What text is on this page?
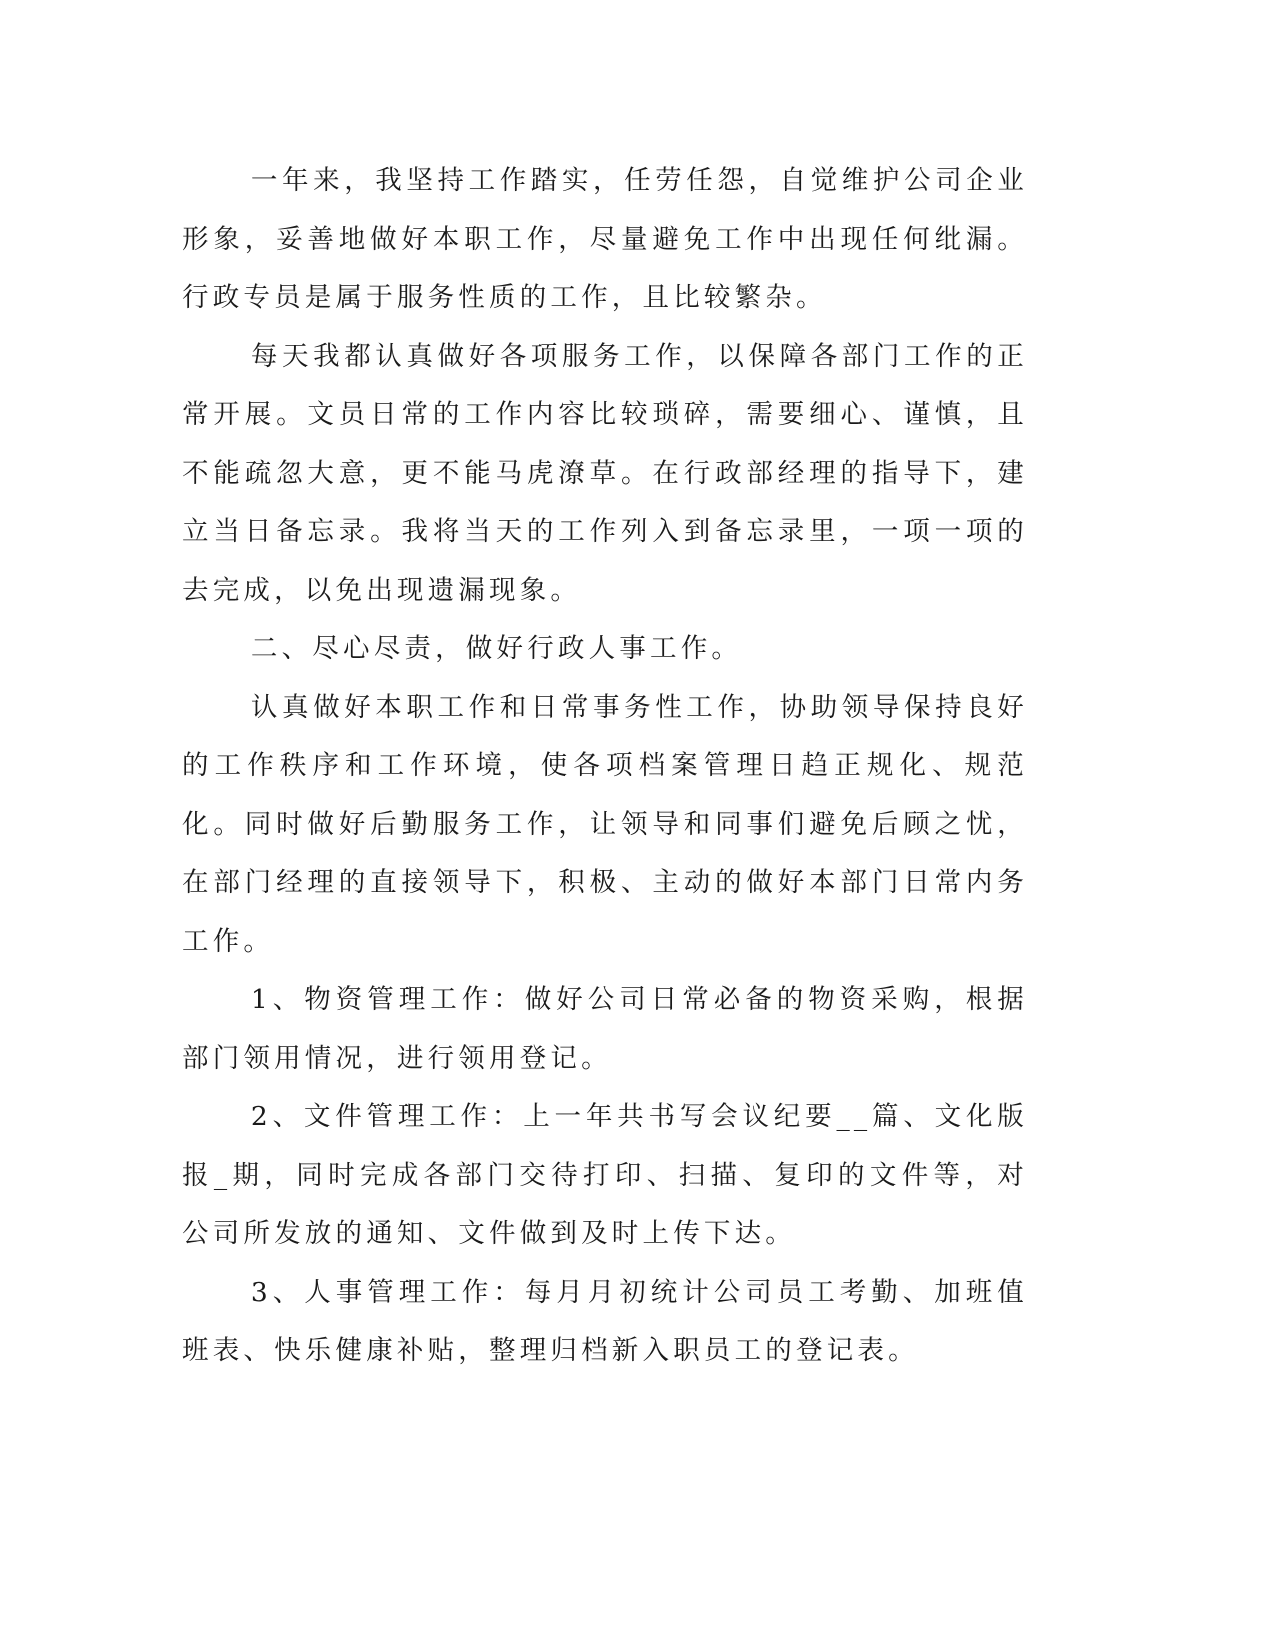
一年来，我坚持工作踏实，任劳任怨，自觉维护公司企业形象，妥善地做好本职工作，尽量避免工作中出现任何纰漏。行政专员是属于服务性质的工作，且比较繁杂。

每天我都认真做好各项服务工作，以保障各部门工作的正常开展。文员日常的工作内容比较琐碎，需要细心、谨慎，且不能疏忽大意，更不能马虎潦草。在行政部经理的指导下，建立当日备忘录。我将当天的工作列入到备忘录里，一项一项的去完成，以免出现遗漏现象。

二、尽心尽责，做好行政人事工作。

认真做好本职工作和日常事务性工作，协助领导保持良好的工作秩序和工作环境，使各项档案管理日趋正规化、规范化。同时做好后勤服务工作，让领导和同事们避免后顾之忧，在部门经理的直接领导下，积极、主动的做好本部门日常内务工作。

1、物资管理工作：做好公司日常必备的物资采购，根据部门领用情况，进行领用登记。

2、文件管理工作：上一年共书写会议纪要__篇、文化版报_期，同时完成各部门交待打印、扫描、复印的文件等，对公司所发放的通知、文件做到及时上传下达。

3、人事管理工作：每月月初统计公司员工考勤、加班值班表、快乐健康补贴，整理归档新入职员工的登记表。
